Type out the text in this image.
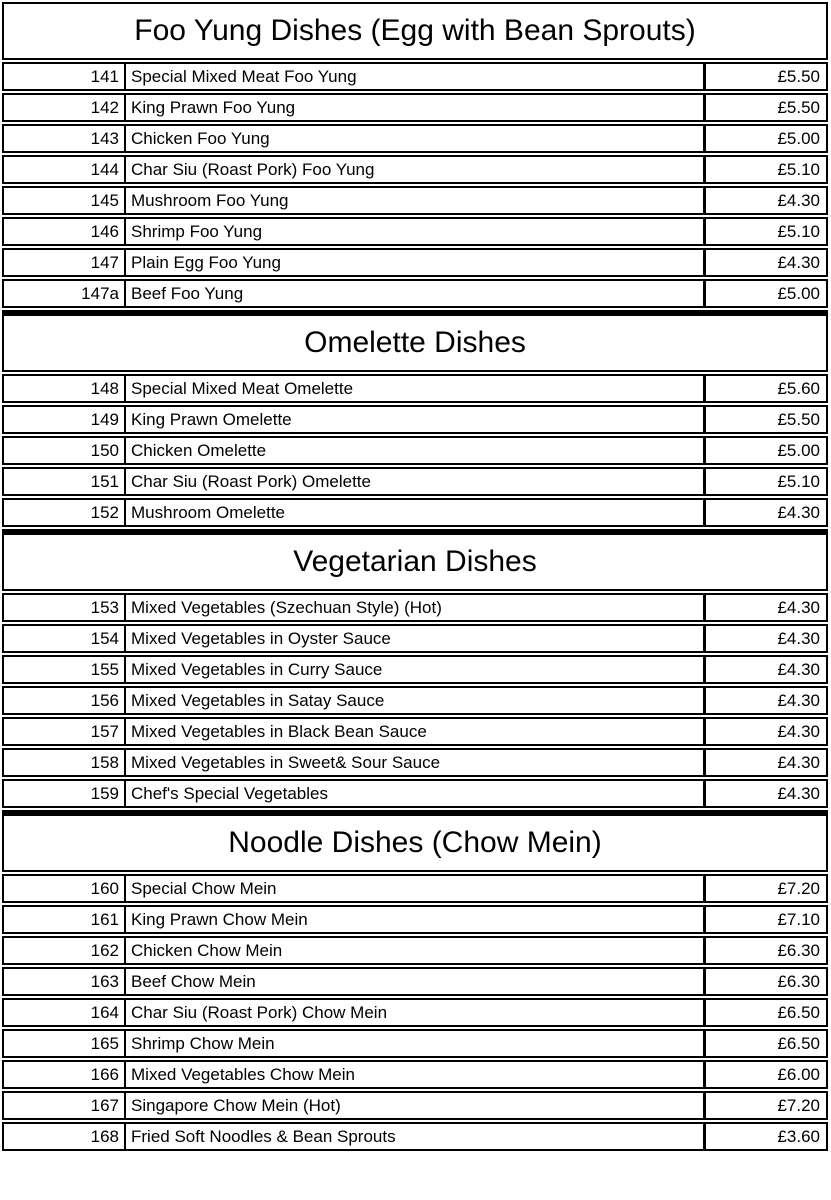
Foo Yung Dishes (Egg with Bean Sprouts)
141 Special Mixed Meat Foo Yung	£5.50
142 King Prawn Foo Yung	£5.50
143 Chicken Foo Yung	£5.00
144 Char Siu (Roast Pork) Foo Yung	£5.10
145 Mushroom Foo Yung	£4.30
146 Shrimp Foo Yung	£5.10
147 Plain Egg Foo Yung	£4.30
147a Beef Foo Yung	£5.00
Omelette Dishes
148 Special Mixed Meat Omelette	£5.60
149 King Prawn Omelette	£5.50
150 Chicken Omelette	£5.00
151 Char Siu (Roast Pork) Omelette	£5.10
152 Mushroom Omelette	£4.30
Vegetarian Dishes
153 Mixed Vegetables (Szechuan Style) (Hot)	£4.30
154 Mixed Vegetables in Oyster Sauce	£4.30
155 Mixed Vegetables in Curry Sauce	£4.30
156 Mixed Vegetables in Satay Sauce	£4.30
157 Mixed Vegetables in Black Bean Sauce	£4.30
158 Mixed Vegetables in Sweet& Sour Sauce	£4.30
159 Chef's Special Vegetables	£4.30
Noodle Dishes (Chow Mein)
160 Special Chow Mein	£7.20
161 King Prawn Chow Mein	£7.10
162 Chicken Chow Mein	£6.30
163 Beef Chow Mein	£6.30
164 Char Siu (Roast Pork) Chow Mein	£6.50
165 Shrimp Chow Mein	£6.50
166 Mixed Vegetables Chow Mein	£6.00
167 Singapore Chow Mein (Hot)	£7.20
168 Fried Soft Noodles & Bean Sprouts	£3.60
